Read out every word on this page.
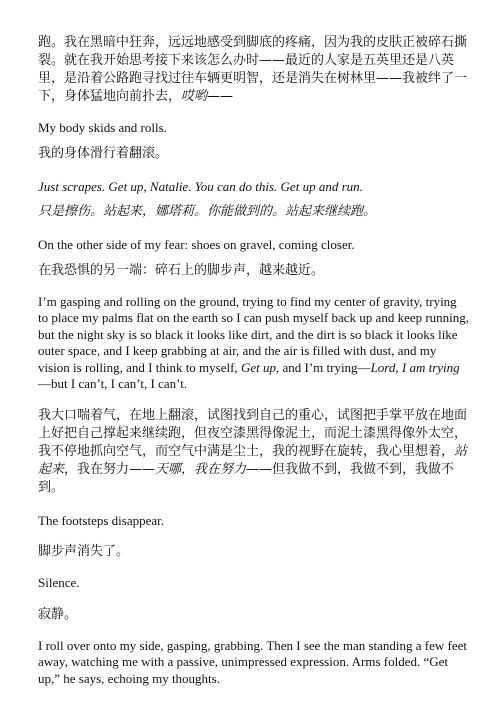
跑。我在黑暗中狂奔，远远地感受到脚底的疼痛，因为我的皮肤正被碎石撕裂。就在我开始思考接下来该怎么办时——最近的人家是五英里还是八英里，是沿着公路跑寻找过往车辆更明智，还是消失在树林里——我被绊了一下，身体猛地向前扑去，哎哟——

My body skids and rolls.

我的身体滑行着翻滚。

Just scrapes. Get up, Natalie. You can do this. Get up and run.

只是擦伤。站起来，娜塔莉。你能做到的。站起来继续跑。

On the other side of my fear: shoes on gravel, coming closer.

在我恐惧的另一端：碎石上的脚步声，越来越近。

I’m gasping and rolling on the ground, trying to find my center of gravity, trying to place my palms flat on the earth so I can push myself back up and keep running, but the night sky is so black it looks like dirt, and the dirt is so black it looks like outer space, and I keep grabbing at air, and the air is filled with dust, and my vision is rolling, and I think to myself, Get up, and I’m trying—Lord, I am trying—but I can’t, I can’t, I can’t.

我大口喘着气，在地上翻滚，试图找到自己的重心，试图把手掌平放在地面上好把自己撑起来继续跑，但夜空漆黑得像泥土，而泥土漆黑得像外太空，我不停地抓向空气，而空气中满是尘土，我的视野在旋转，我心里想着，站起来，我在努力——天哪，我在努力——但我做不到，我做不到，我做不到。

The footsteps disappear.

脚步声消失了。

Silence.

寂静。

I roll over onto my side, gasping, grabbing. Then I see the man standing a few feet away, watching me with a passive, unimpressed expression. Arms folded. “Get up,” he says, echoing my thoughts.
